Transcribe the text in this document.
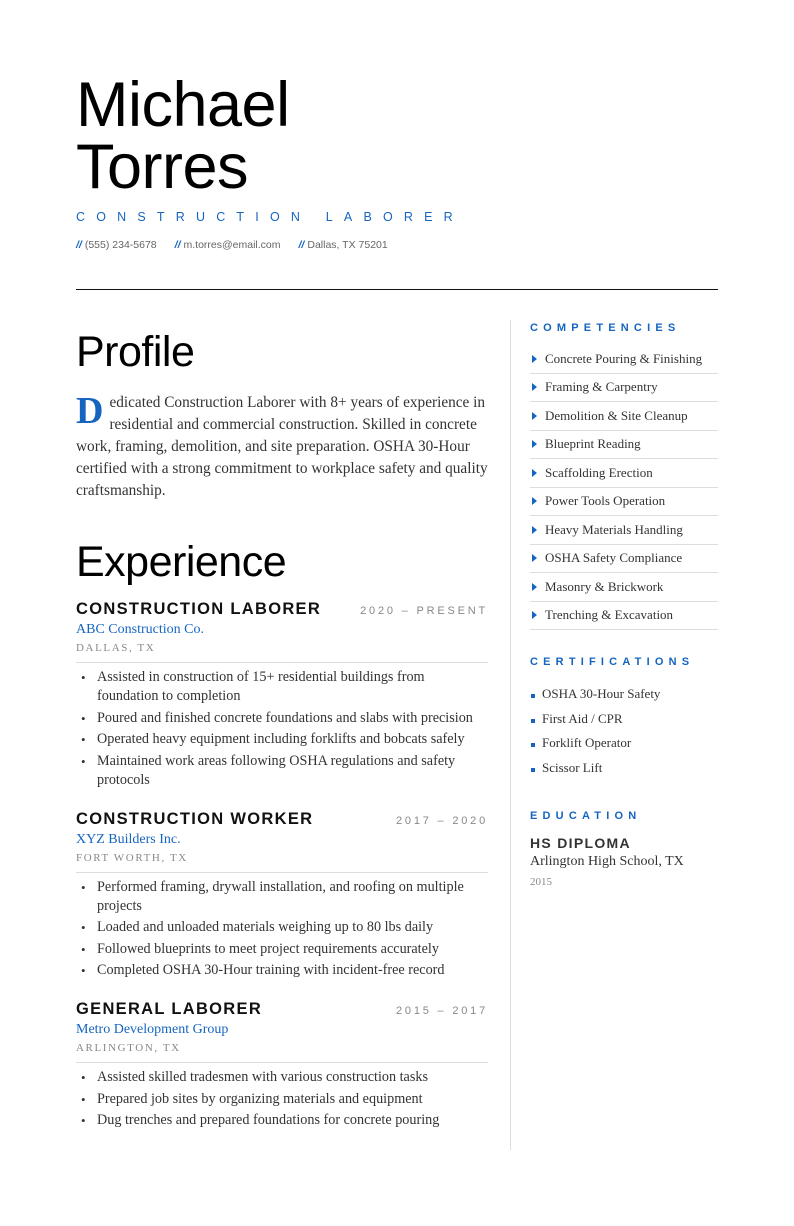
Michael
Torres
CONSTRUCTION LABORER
// (555) 234-5678 // m.torres@email.com // Dallas, TX 75201
Profile

Dedicated Construction Laborer with 8+ years of experience in residential and commercial construction. Skilled in concrete work, framing, demolition, and site preparation. OSHA 30-Hour certified with a strong commitment to workplace safety and quality craftsmanship.

Experience
CONSTRUCTION LABORER	2020 – PRESENT
ABC Construction Co.
DALLAS, TX
• Assisted in construction of 15+ residential buildings from foundation to completion
• Poured and finished concrete foundations and slabs with precision
• Operated heavy equipment including forklifts and bobcats safely
• Maintained work areas following OSHA regulations and safety protocols
CONSTRUCTION WORKER	2017 – 2020
XYZ Builders Inc.
FORT WORTH, TX
• Performed framing, drywall installation, and roofing on multiple projects
• Loaded and unloaded materials weighing up to 80 lbs daily
• Followed blueprints to meet project requirements accurately
• Completed OSHA 30-Hour training with incident-free record
GENERAL LABORER	2015 – 2017
Metro Development Group
ARLINGTON, TX
• Assisted skilled tradesmen with various construction tasks
• Prepared job sites by organizing materials and equipment
• Dug trenches and prepared foundations for concrete pouring
COMPETENCIES
Concrete Pouring & Finishing
Framing & Carpentry
Demolition & Site Cleanup
Blueprint Reading
Scaffolding Erection
Power Tools Operation
Heavy Materials Handling
OSHA Safety Compliance
Masonry & Brickwork
Trenching & Excavation
CERTIFICATIONS
OSHA 30-Hour Safety
First Aid / CPR
Forklift Operator
Scissor Lift
EDUCATION
HS DIPLOMA
Arlington High School, TX
2015
